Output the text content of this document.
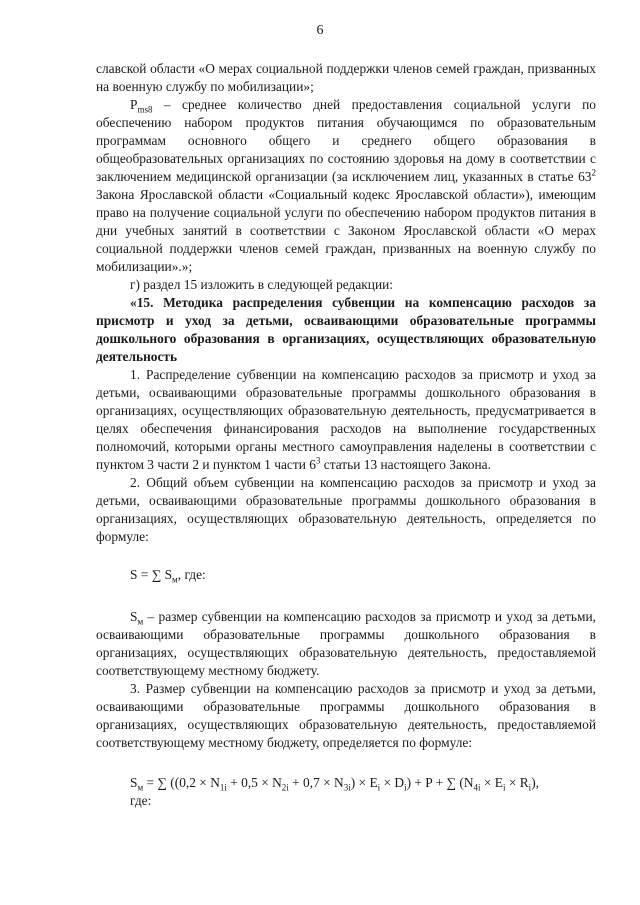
6

славской области «О мерах социальной поддержки членов семей граждан, призванных на военную службу по мобилизации»;

$P_{ms8}$ – среднее количество дней предоставления социальной услуги по обеспечению набором продуктов питания обучающимся по образовательным программам основного общего и среднего общего образования в общеобразовательных организациях по состоянию здоровья на дому в соответствии с заключением медицинской организации (за исключением лиц, указанных в статье $63^2$ Закона Ярославской области «Социальный кодекс Ярославской области»), имеющим право на получение социальной услуги по обеспечению набором продуктов питания в дни учебных занятий в соответствии с Законом Ярославской области «О мерах социальной поддержки членов семей граждан, призванных на военную службу по мобилизации».»;

г) раздел 15 изложить в следующей редакции:

«15. Методика распределения субвенции на компенсацию расходов за присмотр и уход за детьми, осваивающими образовательные программы дошкольного образования в организациях, осуществляющих образовательную деятельность

1. Распределение субвенции на компенсацию расходов за присмотр и уход за детьми, осваивающими образовательные программы дошкольного образования в организациях, осуществляющих образовательную деятельность, предусматривается в целях обеспечения финансирования расходов на выполнение государственных полномочий, которыми органы местного самоуправления наделены в соответствии с пунктом 3 части 2 и пунктом 1 части $6^3$ статьи 13 настоящего Закона.

2. Общий объем субвенции на компенсацию расходов за присмотр и уход за детьми, осваивающими образовательные программы дошкольного образования в организациях, осуществляющих образовательную деятельность, определяется по формуле:

S = ∑ $S_м$, где:

$S_м$ – размер субвенции на компенсацию расходов за присмотр и уход за детьми, осваивающими образовательные программы дошкольного образования в организациях, осуществляющих образовательную деятельность, предоставляемой соответствующему местному бюджету.

3. Размер субвенции на компенсацию расходов за присмотр и уход за детьми, осваивающими образовательные программы дошкольного образования в организациях, осуществляющих образовательную деятельность, предоставляемой соответствующему местному бюджету, определяется по формуле:

$S_м$ = ∑ $((0,2 \times N_{1i} + 0,5 \times N_{2i} + 0,7 \times N_{3i}) \times E_i \times D_i) + P$ + ∑ $(N_{4i} \times E_i \times R_i)$,
где:
